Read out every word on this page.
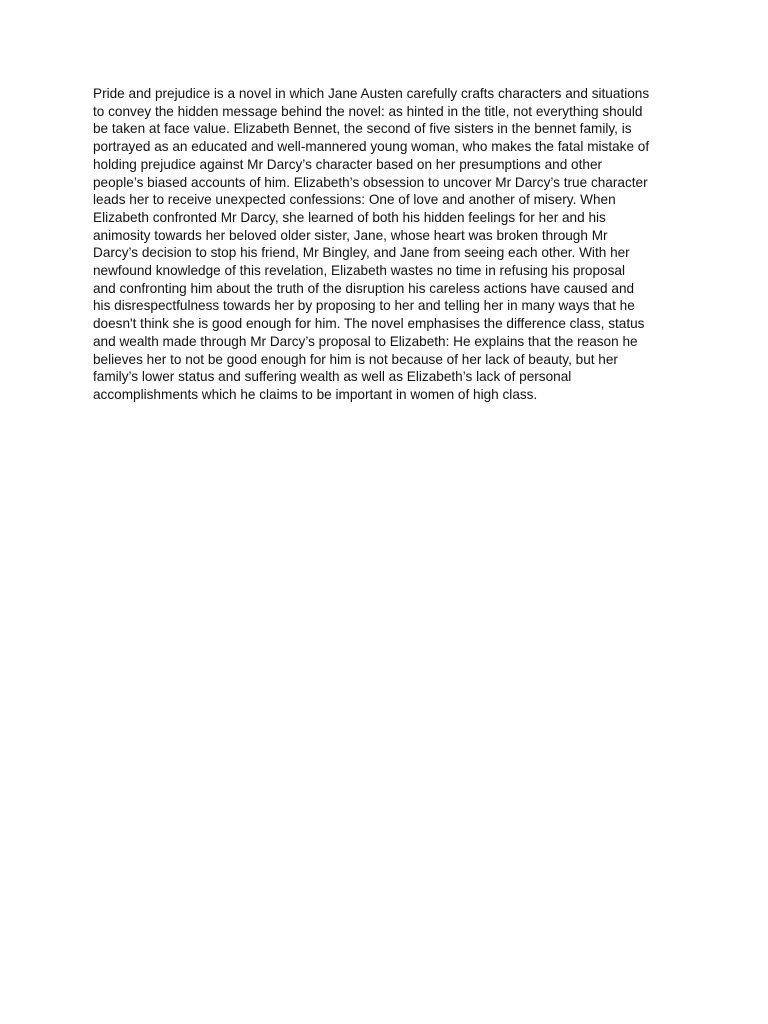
Pride and prejudice is a novel in which Jane Austen carefully crafts characters and situations
to convey the hidden message behind the novel: as hinted in the title, not everything should
be taken at face value. Elizabeth Bennet, the second of five sisters in the bennet family, is
portrayed as an educated and well-mannered young woman, who makes the fatal mistake of
holding prejudice against Mr Darcy’s character based on her presumptions and other
people’s biased accounts of him. Elizabeth’s obsession to uncover Mr Darcy’s true character
leads her to receive unexpected confessions: One of love and another of misery. When
Elizabeth confronted Mr Darcy, she learned of both his hidden feelings for her and his
animosity towards her beloved older sister, Jane, whose heart was broken through Mr
Darcy’s decision to stop his friend, Mr Bingley, and Jane from seeing each other. With her
newfound knowledge of this revelation, Elizabeth wastes no time in refusing his proposal
and confronting him about the truth of the disruption his careless actions have caused and
his disrespectfulness towards her by proposing to her and telling her in many ways that he
doesn't think she is good enough for him. The novel emphasises the difference class, status
and wealth made through Mr Darcy’s proposal to Elizabeth: He explains that the reason he
believes her to not be good enough for him is not because of her lack of beauty, but her
family’s lower status and suffering wealth as well as Elizabeth’s lack of personal
accomplishments which he claims to be important in women of high class.
